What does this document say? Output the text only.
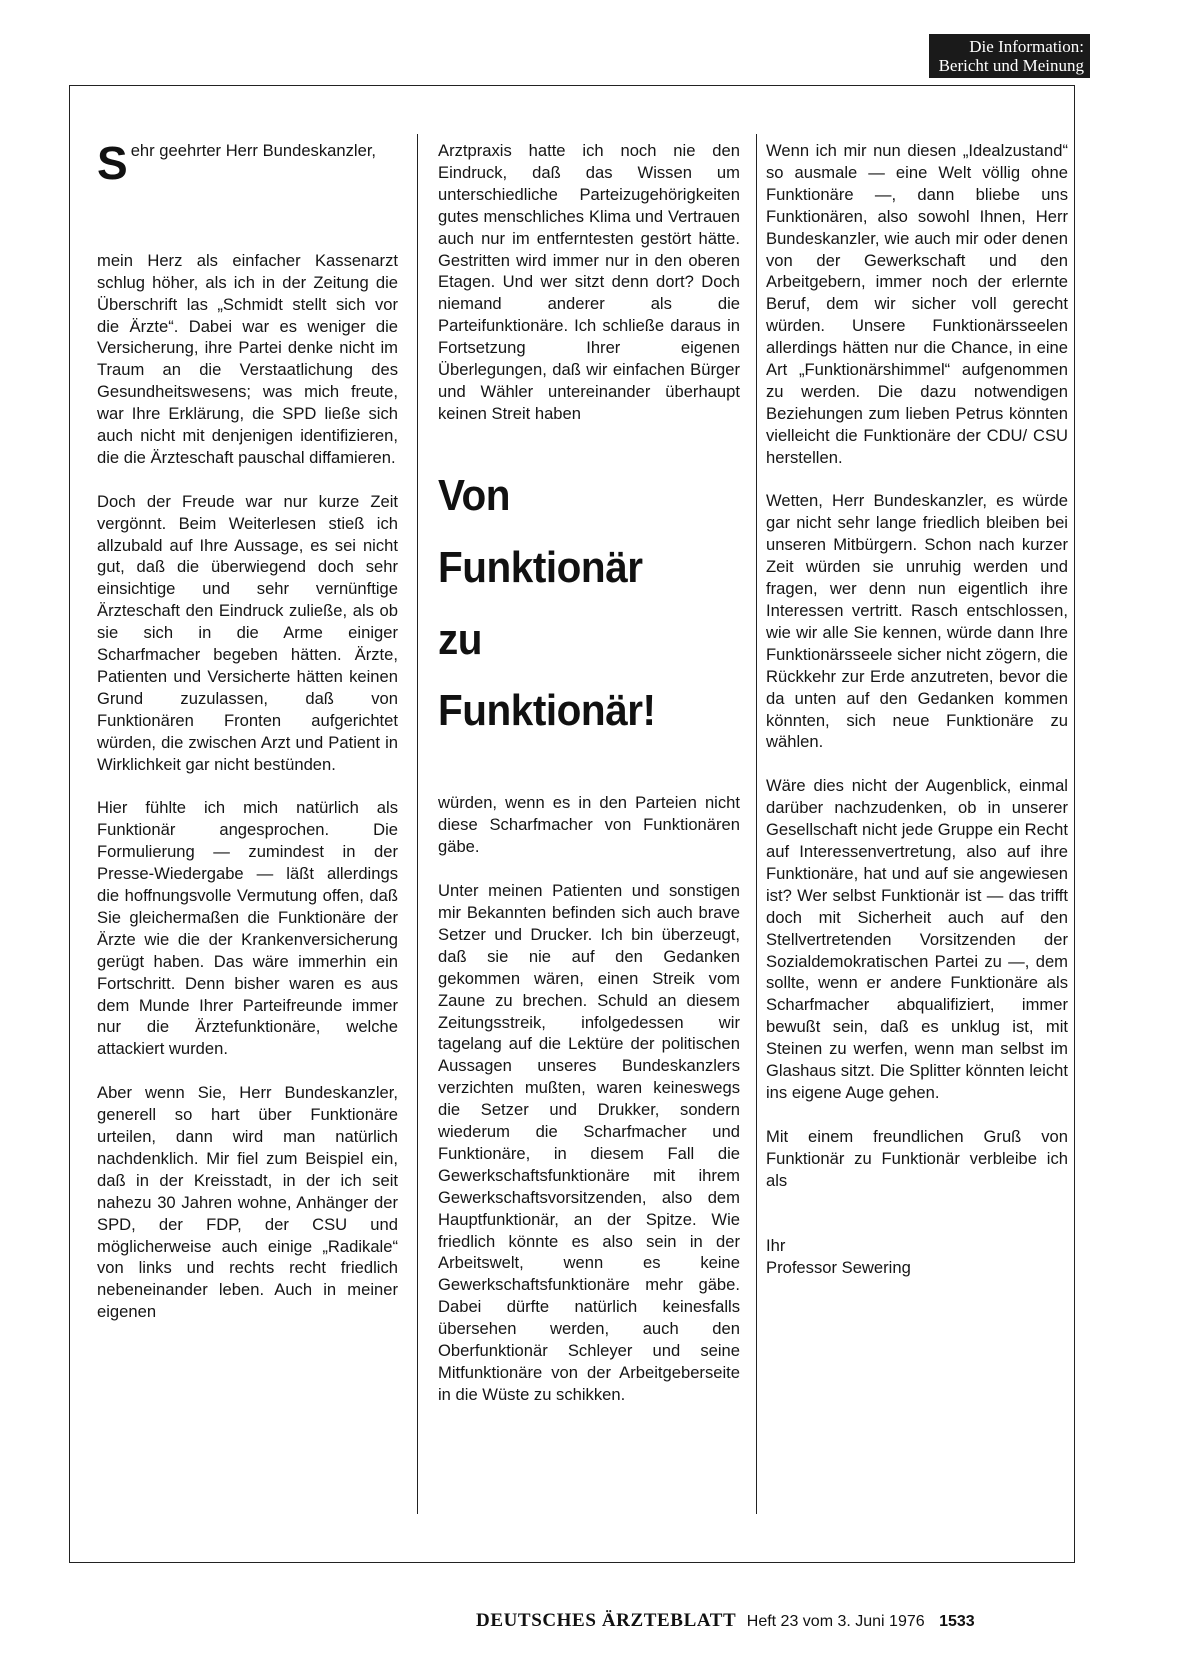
Die Information:
Bericht und Meinung

S ehr geehrter Herr Bundeskanzler,

mein Herz als einfacher Kassenarzt schlug höher, als ich in der Zeitung die Überschrift las „Schmidt stellt sich vor die Ärzte“. Dabei war es weniger die Versicherung, ihre Partei denke nicht im Traum an die Verstaatlichung des Gesundheitswesens; was mich freute, war Ihre Erklärung, die SPD ließe sich auch nicht mit denjenigen identifizieren, die die Ärzteschaft pauschal diffamieren.

Doch der Freude war nur kurze Zeit vergönnt. Beim Weiterlesen stieß ich allzubald auf Ihre Aussage, es sei nicht gut, daß die überwiegend doch sehr einsichtige und sehr vernünftige Ärzteschaft den Eindruck zuließe, als ob sie sich in die Arme einiger Scharfmacher begeben hätten. Ärzte, Patienten und Versicherte hätten keinen Grund zuzulassen, daß von Funktionären Fronten aufgerichtet würden, die zwischen Arzt und Patient in Wirklichkeit gar nicht bestünden.

Hier fühlte ich mich natürlich als Funktionär angesprochen. Die Formulierung — zumindest in der Presse-Wiedergabe — läßt allerdings die hoffnungsvolle Vermutung offen, daß Sie gleichermaßen die Funktionäre der Ärzte wie die der Krankenversicherung gerügt haben. Das wäre immerhin ein Fortschritt. Denn bisher waren es aus dem Munde Ihrer Parteifreunde immer nur die Ärztefunktionäre, welche attackiert wurden.

Aber wenn Sie, Herr Bundeskanzler, generell so hart über Funktionäre urteilen, dann wird man natürlich nachdenklich. Mir fiel zum Beispiel ein, daß in der Kreisstadt, in der ich seit nahezu 30 Jahren wohne, Anhänger der SPD, der FDP, der CSU und möglicherweise auch einige „Radikale“ von links und rechts recht friedlich nebeneinander leben. Auch in meiner eigenen

Arztpraxis hatte ich noch nie den Eindruck, daß das Wissen um unterschiedliche Parteizugehörigkeiten gutes menschliches Klima und Vertrauen auch nur im entferntesten gestört hätte. Gestritten wird immer nur in den oberen Etagen. Und wer sitzt denn dort? Doch niemand anderer als die Parteifunktionäre. Ich schließe daraus in Fortsetzung Ihrer eigenen Überlegungen, daß wir einfachen Bürger und Wähler untereinander überhaupt keinen Streit haben

Von

Funktionär

zu

Funktionär!

würden, wenn es in den Parteien nicht diese Scharfmacher von Funktionären gäbe.

Unter meinen Patienten und sonstigen mir Bekannten befinden sich auch brave Setzer und Drucker. Ich bin überzeugt, daß sie nie auf den Gedanken gekommen wären, einen Streik vom Zaune zu brechen. Schuld an diesem Zeitungsstreik, infolgedessen wir tagelang auf die Lektüre der politischen Aussagen unseres Bundeskanzlers verzichten mußten, waren keineswegs die Setzer und Drukker, sondern wiederum die Scharfmacher und Funktionäre, in diesem Fall die Gewerkschaftsfunktionäre mit ihrem Gewerkschaftsvorsitzenden, also dem Hauptfunktionär, an der Spitze. Wie friedlich könnte es also sein in der Arbeitswelt, wenn es keine Gewerkschaftsfunktionäre mehr gäbe. Dabei dürfte natürlich keinesfalls übersehen werden, auch den Oberfunktionär Schleyer und seine Mitfunktionäre von der Arbeitgeberseite in die Wüste zu schikken.

Wenn ich mir nun diesen „Idealzustand“ so ausmale — eine Welt völlig ohne Funktionäre —, dann bliebe uns Funktionären, also sowohl Ihnen, Herr Bundeskanzler, wie auch mir oder denen von der Gewerkschaft und den Arbeitgebern, immer noch der erlernte Beruf, dem wir sicher voll gerecht würden. Unsere Funktionärsseelen allerdings hätten nur die Chance, in eine Art „Funktionärshimmel“ aufgenommen zu werden. Die dazu notwendigen Beziehungen zum lieben Petrus könnten vielleicht die Funktionäre der CDU/ CSU herstellen.

Wetten, Herr Bundeskanzler, es würde gar nicht sehr lange friedlich bleiben bei unseren Mitbürgern. Schon nach kurzer Zeit würden sie unruhig werden und fragen, wer denn nun eigentlich ihre Interessen vertritt. Rasch entschlossen, wie wir alle Sie kennen, würde dann Ihre Funktionärsseele sicher nicht zögern, die Rückkehr zur Erde anzutreten, bevor die da unten auf den Gedanken kommen könnten, sich neue Funktionäre zu wählen.

Wäre dies nicht der Augenblick, einmal darüber nachzudenken, ob in unserer Gesellschaft nicht jede Gruppe ein Recht auf Interessenvertretung, also auf ihre Funktionäre, hat und auf sie angewiesen ist? Wer selbst Funktionär ist — das trifft doch mit Sicherheit auch auf den Stellvertretenden Vorsitzenden der Sozialdemokratischen Partei zu —, dem sollte, wenn er andere Funktionäre als Scharfmacher abqualifiziert, immer bewußt sein, daß es unklug ist, mit Steinen zu werfen, wenn man selbst im Glashaus sitzt. Die Splitter könnten leicht ins eigene Auge gehen.

Mit einem freundlichen Gruß von Funktionär zu Funktionär verbleibe ich als

Ihr
Professor Sewering
DEUTSCHES ÄRZTEBLATT Heft 23 vom 3. Juni 1976 1533
